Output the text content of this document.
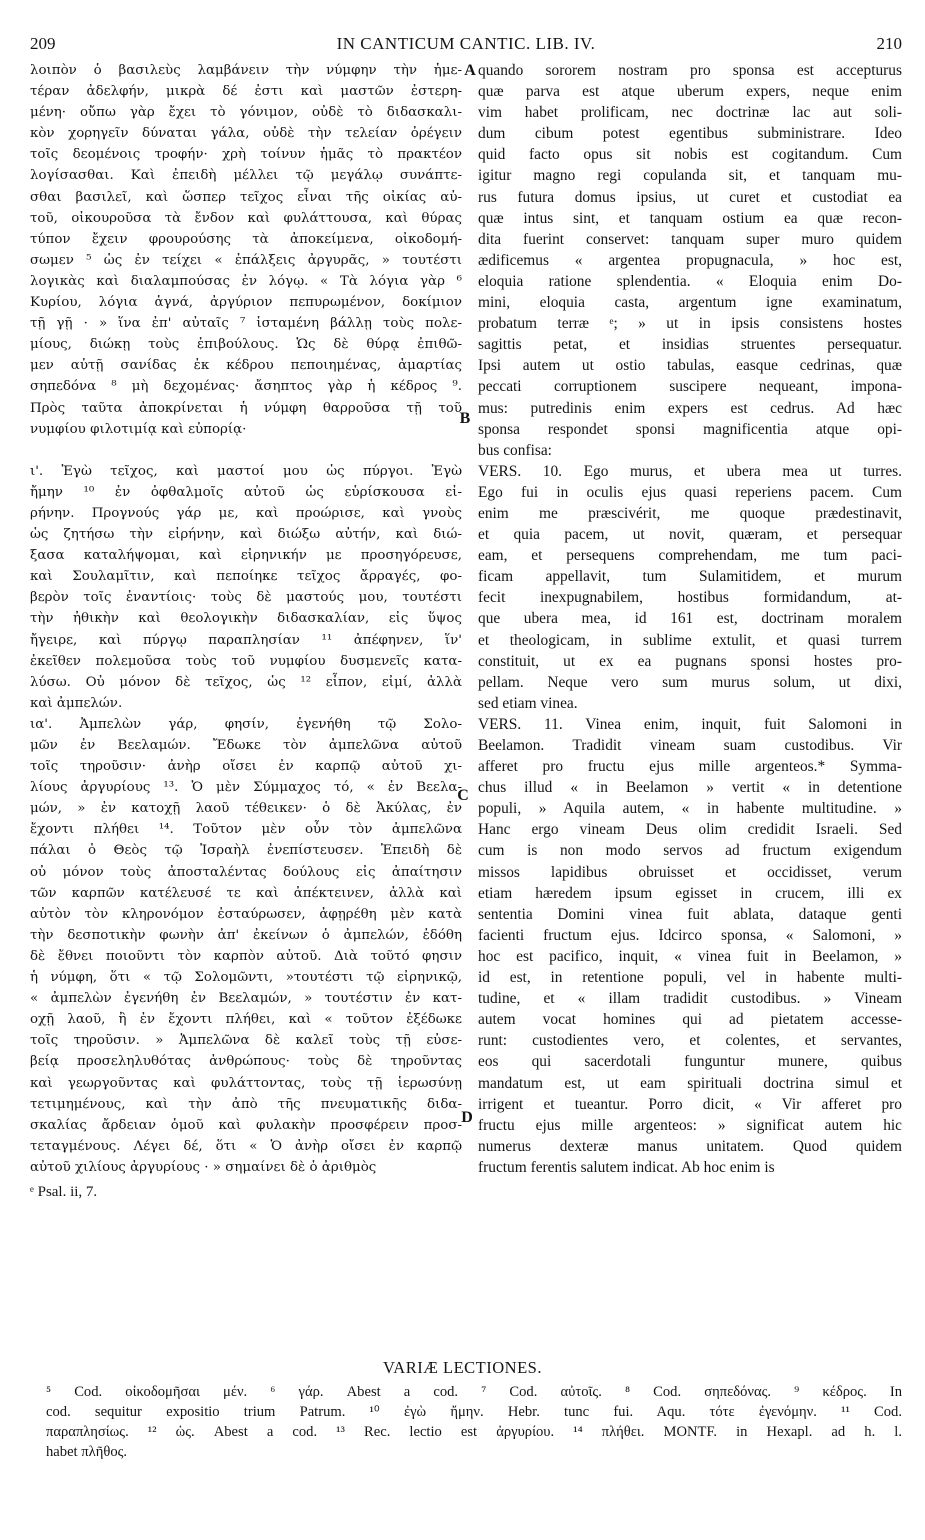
209	IN CANTICUM CANTIC. LIB. IV.	210
λοιπὸν ὁ βασιλεὺς λαμβάνειν τὴν νύμφην τὴν ἡμε-
τέραν ἀδελφήν, μικρὰ δέ ἐστι καὶ μαστῶν ἐστερη-
μένη· οὔπω γὰρ ἔχει τὸ γόνιμον, οὐδὲ τὸ διδασκαλι-
κὸν χορηγεῖν δύναται γάλα, οὐδὲ τὴν τελείαν ὀρέγειν
τοῖς δεομένοις τροφήν· χρὴ τοίνυν ἡμᾶς τὸ πρακτέον
λογίσασθαι. Καὶ ἐπειδὴ μέλλει τῷ μεγάλῳ συνάπτε-
σθαι βασιλεῖ, καὶ ὥσπερ τεῖχος εἶναι τῆς οἰκίας αὐ-
τοῦ, οἰκουροῦσα τὰ ἔνδον καὶ φυλάττουσα, καὶ θύρας
τύπον ἔχειν φρουρούσης τὰ ἀποκείμενα, οἰκοδομή-
σωμεν ⁵ ὡς ἐν τείχει « ἐπάλξεις ἀργυρᾶς, » τουτέστι
λογικὰς καὶ διαλαμπούσας ἐν λόγῳ. « Τὰ λόγια γὰρ ⁶
Κυρίου, λόγια ἁγνά, ἀργύριον πεπυρωμένον, δοκίμιον
τῇ γῇ · » ἵνα ἐπ' αὐταῖς ⁷ ἱσταμένη βάλλῃ τοὺς πολε-
μίους, διώκῃ τοὺς ἐπιβούλους. Ὡς δὲ θύρᾳ ἐπιθῶ-
μεν αὐτῇ σανίδας ἐκ κέδρου πεποιημένας, ἁμαρτίας
σηπεδόνα ⁸ μὴ δεχομένας· ἄσηπτος γὰρ ἡ κέδρος ⁹.
Πρὸς ταῦτα ἀποκρίνεται ἡ νύμφη θαρροῦσα τῇ τοῦ
νυμφίου φιλοτιμίᾳ καὶ εὐπορίᾳ·
ι'. Ἐγὼ τεῖχος, καὶ μαστοί μου ὡς πύργοι. Ἐγὼ
ἤμην ¹⁰ ἐν ὀφθαλμοῖς αὐτοῦ ὡς εὑρίσκουσα εἰ-
ρήνην. Προγνούς γάρ με, καὶ προώρισε, καὶ γνοὺς
ὡς ζητήσω τὴν εἰρήνην, καὶ διώξω αὐτήν, καὶ διώ-
ξασα καταλήψομαι, καὶ εἰρηνικήν με προσηγόρευσε,
καὶ Σουλαμῖτιν, καὶ πεποίηκε τεῖχος ἄρραγές, φο-
βερὸν τοῖς ἐναντίοις· τοὺς δὲ μαστούς μου, τουτέστι
τὴν ἠθικὴν καὶ θεολογικὴν διδασκαλίαν, εἰς ὕψος
ἤγειρε, καὶ πύργῳ παραπλησίαν ¹¹ ἀπέφηνεν, ἵν'
ἐκεῖθεν πολεμοῦσα τοὺς τοῦ νυμφίου δυσμενεῖς κατα-
λύσω. Οὐ μόνον δὲ τεῖχος, ὡς ¹² εἶπον, εἰμί, ἀλλὰ
καὶ ἀμπελών.
ια'. Ἀμπελὼν γάρ, φησίν, ἐγενήθη τῷ Σολο-
μῶν ἐν Βεελαμών. Ἔδωκε τὸν ἀμπελῶνα αὐτοῦ
τοῖς τηροῦσιν· ἀνὴρ οἴσει ἐν καρπῷ αὐτοῦ χι-
λίους ἀργυρίους ¹³. Ὁ μὲν Σύμμαχος τό, « ἐν Βεελα-
μών, » ἐν κατοχῇ λαοῦ τέθεικεν· ὁ δὲ Ἀκύλας, ἐν
ἔχοντι πλήθει ¹⁴. Τοῦτον μὲν οὖν τὸν ἀμπελῶνα
πάλαι ὁ Θεὸς τῷ Ἰσραὴλ ἐνεπίστευσεν. Ἐπειδὴ δὲ
οὐ μόνον τοὺς ἀποσταλέντας δούλους εἰς ἀπαίτησιν
τῶν καρπῶν κατέλευσέ τε καὶ ἀπέκτεινεν, ἀλλὰ καὶ
αὐτὸν τὸν κληρονόμον ἐσταύρωσεν, ἀφῃρέθη μὲν κατὰ
τὴν δεσποτικὴν φωνὴν ἀπ' ἐκείνων ὁ ἀμπελών, ἐδόθη
δὲ ἔθνει ποιοῦντι τὸν καρπὸν αὐτοῦ. Διὰ τοῦτό φησιν
ἡ νύμφη, ὅτι « τῷ Σολομῶντι, »τουτέστι τῷ εἰρηνικῷ,
« ἀμπελὼν ἐγενήθη ἐν Βεελαμών, » τουτέστιν ἐν κατ-
οχῇ λαοῦ, ἢ ἐν ἔχοντι πλήθει, καὶ « τοῦτον ἐξέδωκε
τοῖς τηροῦσιν. » Ἀμπελῶνα δὲ καλεῖ τοὺς τῇ εὐσε-
βείᾳ προσεληλυθότας ἀνθρώπους· τοὺς δὲ τηροῦντας
καὶ γεωργοῦντας καὶ φυλάττοντας, τοὺς τῇ ἱερωσύνῃ
τετιμημένους, καὶ τὴν ἀπὸ τῆς πνευματικῆς διδα-
σκαλίας ἄρδειαν ὁμοῦ καὶ φυλακὴν προσφέρειν προσ-
τεταγμένους. Λέγει δέ, ὅτι « Ὁ ἀνὴρ οἴσει ἐν καρπῷ
αὐτοῦ χιλίους ἀργυρίους · » σημαίνει δὲ ὁ ἀριθμὸς
ᵉ Psal. ii, 7.
quando sororem nostram pro sponsa est accepturus
quæ parva est atque uberum expers, neque enim
vim habet prolificam, nec doctrinæ lac aut soli-
dum cibum potest egentibus subministrare. Ideo
quid facto opus sit nobis est cogitandum. Cum
igitur magno regi copulanda sit, et tanquam mu-
rus futura domus ipsius, ut curet et custodiat ea
quæ intus sint, et tanquam ostium ea quæ recon-
dita fuerint conservet: tanquam super muro quidem
ædificemus « argentea propugnacula, » hoc est,
eloquia ratione splendentia. « Eloquia enim Do-
mini, eloquia casta, argentum igne examinatum,
probatum terræ ᵉ; » ut in ipsis consistens hostes
sagittis petat, et insidias struentes persequatur.
Ipsi autem ut ostio tabulas, easque cedrinas, quæ
peccati corruptionem suscipere nequeant, impona-
mus: putredinis enim expers est cedrus. Ad hæc
sponsa respondet sponsi magnificentia atque opi-
bus confisa:
VERS. 10. Ego murus, et ubera mea ut turres.
Ego fui in oculis ejus quasi reperiens pacem. Cum
enim me præscivérit, me quoque prædestinavit,
et quia pacem, ut novit, quæram, et persequar
eam, et persequens comprehendam, me tum paci-
ficam appellavit, tum Sulamitidem, et murum
fecit inexpugnabilem, hostibus formidandum, at-
que ubera mea, id 161 est, doctrinam moralem
et theologicam, in sublime extulit, et quasi turrem
constituit, ut ex ea pugnans sponsi hostes pro-
pellam. Neque vero sum murus solum, ut dixi,
sed etiam vinea.
VERS. 11. Vinea enim, inquit, fuit Salomoni in
Beelamon. Tradidit vineam suam custodibus. Vir
afferet pro fructu ejus mille argenteos.* Symma-
chus illud « in Beelamon » vertit « in detentione
populi, » Aquila autem, « in habente multitudine. »
Hanc ergo vineam Deus olim credidit Israeli. Sed
cum is non modo servos ad fructum exigendum
missos lapidibus obruisset et occidisset, verum
etiam hæredem ipsum egisset in crucem, illi ex
sententia Domini vinea fuit ablata, dataque genti
facienti fructum ejus. Idcirco sponsa, « Salomoni, »
hoc est pacifico, inquit, « vinea fuit in Beelamon, »
id est, in retentione populi, vel in habente multi-
tudine, et « illam tradidit custodibus. » Vineam
autem vocat homines qui ad pietatem accesse-
runt: custodientes vero, et colentes, et servantes,
eos qui sacerdotali funguntur munere, quibus
mandatum est, ut eam spirituali doctrina simul et
irrigent et tueantur. Porro dicit, « Vir afferet pro
fructu ejus mille argenteos: » significat autem hic
numerus dexteræ manus unitatem. Quod quidem
fructum ferentis salutem indicat. Ab hoc enim is
A
B
C
D
VARIÆ LECTIONES.
⁵ Cod. οἰκοδομῆσαι μέν. ⁶ γάρ. Abest a cod. ⁷ Cod. αὐτοῖς. ⁸ Cod. σηπεδόνας. ⁹ κέδρος. In
cod. sequitur expositio trium Patrum. ¹⁰ ἐγὼ ἤμην. Hebr. tunc fui. Aqu. τότε ἐγενόμην. ¹¹ Cod.
παραπλησίως. ¹² ὡς. Abest a cod. ¹³ Rec. lectio est ἀργυρίου. ¹⁴ πλήθει. MONTF. in Hexapl. ad h. l.
habet πλῆθος.
